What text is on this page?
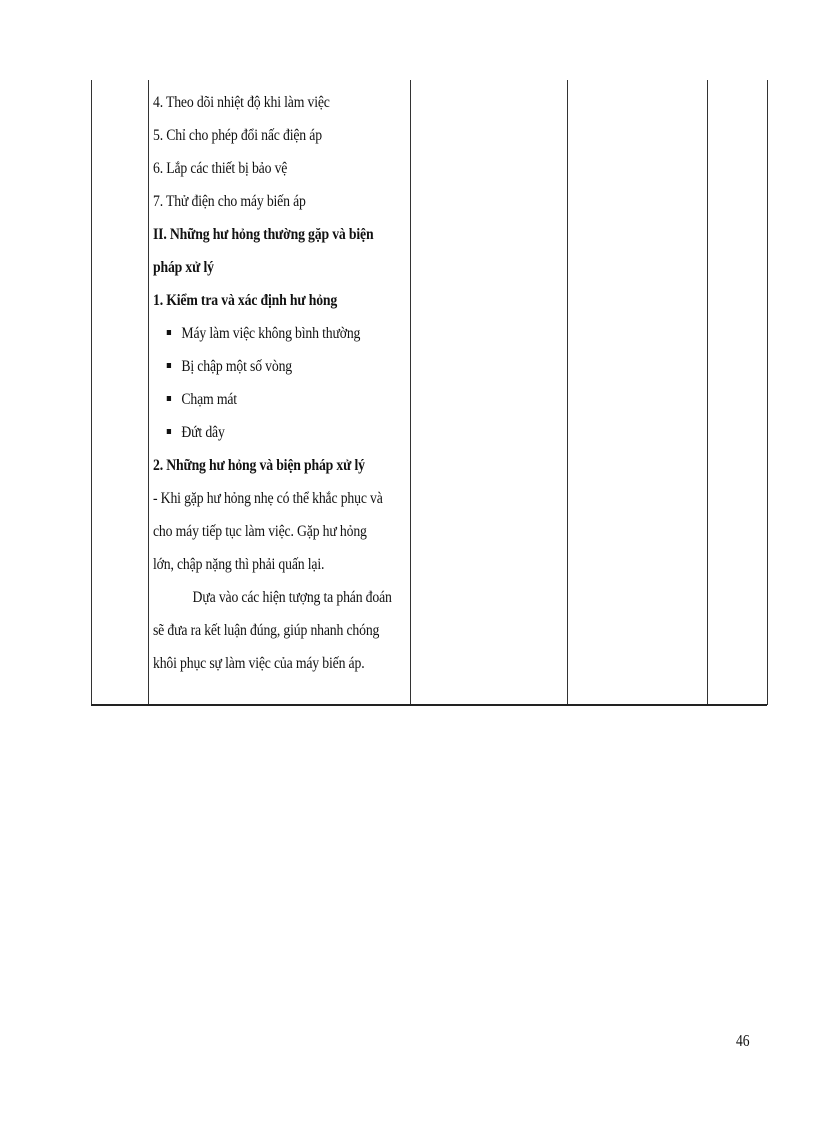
4. Theo dõi nhiệt độ khi làm việc
5. Chỉ cho phép đổi nấc điện áp
6. Lắp các thiết bị bảo vệ
7. Thử điện cho máy biến áp
II. Những hư hỏng thường gặp và biện
pháp xử lý
1. Kiểm tra và xác định hư hỏng
Máy làm việc không bình thường
Bị chập một số vòng
Chạm mát
Đứt dây
2. Những hư hỏng và biện pháp xử lý
- Khi gặp hư hỏng nhẹ có thể khắc phục và
cho máy tiếp tục làm việc. Gặp hư hỏng
lớn, chập nặng thì phải quấn lại.
Dựa vào các hiện tượng ta phán đoán
sẽ đưa ra kết luận đúng, giúp nhanh chóng
khôi phục sự làm việc của máy biến áp.
46
